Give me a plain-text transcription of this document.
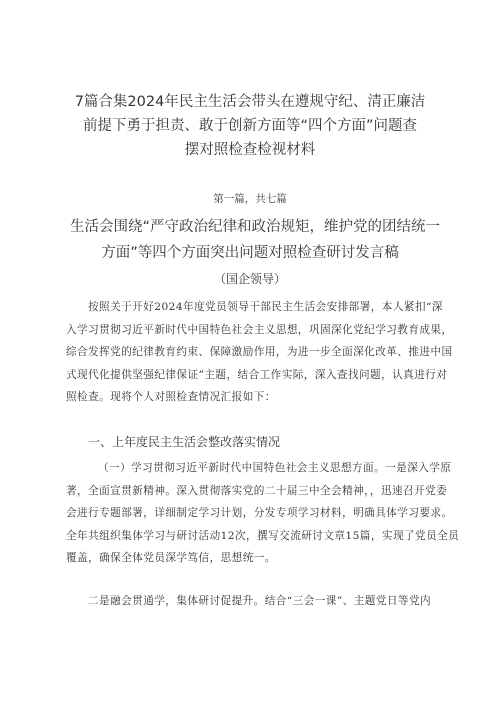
7篇合集2024年民主生活会带头在遵规守纪、清正廉洁
前提下勇于担责、敢于创新方面等“四个方面”问题查
摆对照检查检视材料
第一篇，共七篇
生活会围绕“严守政治纪律和政治规矩，维护党的团结统一
方面”等四个方面突出问题对照检查研讨发言稿
（国企领导）
按照关于开好2024年度党员领导干部民主生活会安排部署，本人紧扣“深
入学习贯彻习近平新时代中国特色社会主义思想，巩固深化党纪学习教育成果，
综合发挥党的纪律教育约束、保障激励作用，为进一步全面深化改革、推进中国
式现代化提供坚强纪律保证”主题，结合工作实际，深入查找问题，认真进行对
照检查。现将个人对照检查情况汇报如下：
一、上年度民主生活会整改落实情况
（一）学习贯彻习近平新时代中国特色社会主义思想方面。一是深入学原
著，全面宣贯新精神。深入贯彻落实党的二十届三中全会精神，，迅速召开党委
会进行专题部署，详细制定学习计划，分发专项学习材料，明确具体学习要求。
全年共组织集体学习与研讨活动12次，撰写交流研讨文章15篇，实现了党员全员
覆盖，确保全体党员深学笃信，思想统一。
二是融会贯通学，集体研讨促提升。结合“三会一课”、主题党日等党内
